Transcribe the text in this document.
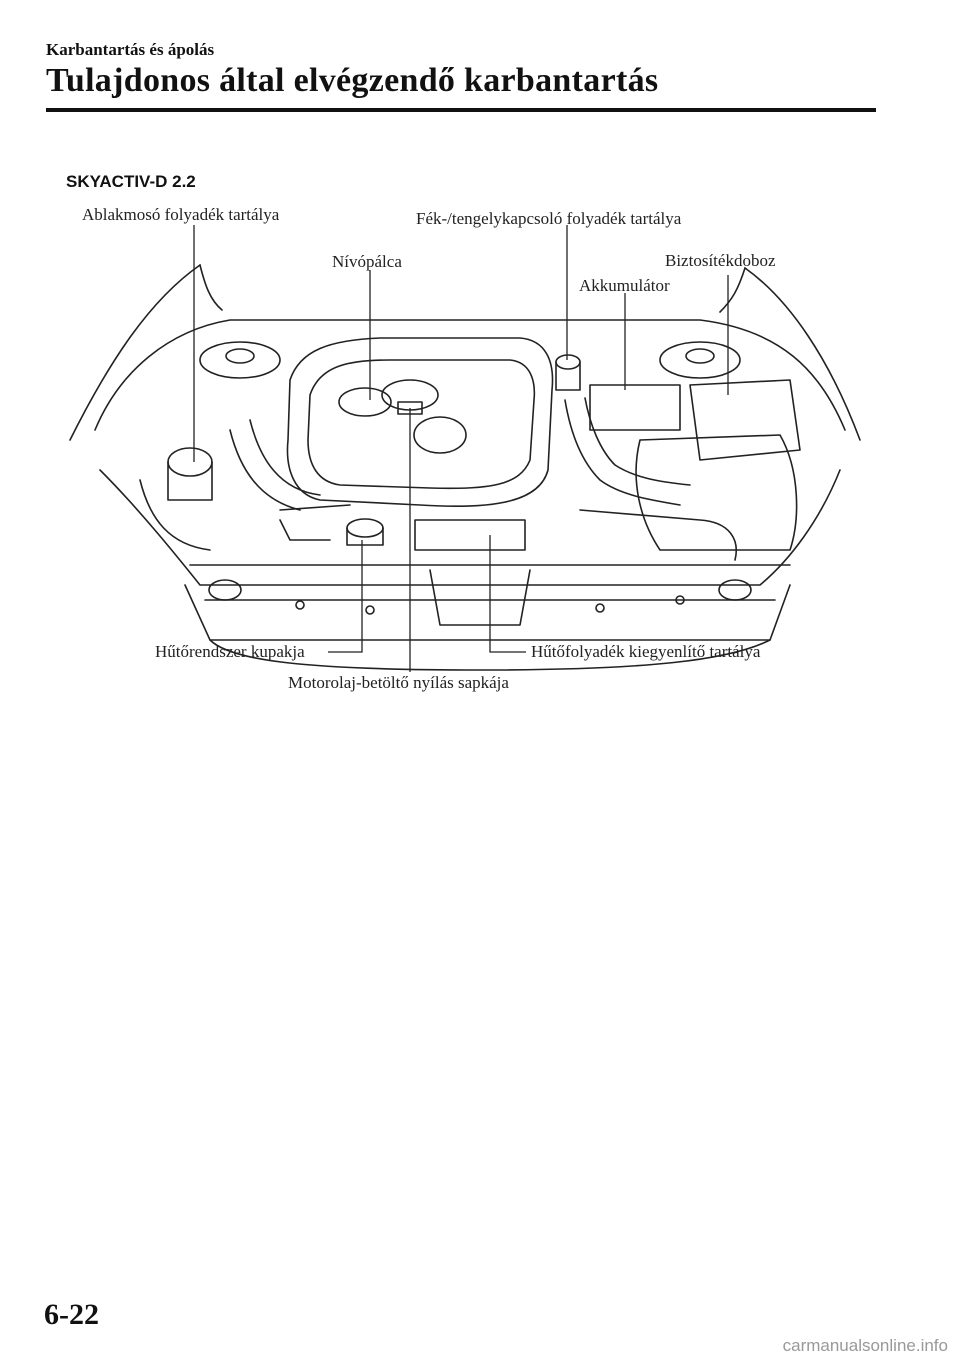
Karbantartás és ápolás
Tulajdonos által elvégzendő karbantartás
SKYACTIV-D 2.2
Ablakmosó folyadék tartálya	Fék-/tengelykapcsoló folyadék tartálya
Nívópálca	Biztosítékdoboz
Akkumulátor
Hűtőrendszer kupakja	Hűtőfolyadék kiegyenlítő tartálya
Motorolaj-betöltő nyílás sapkája
6-22
carmanualsonline.info
